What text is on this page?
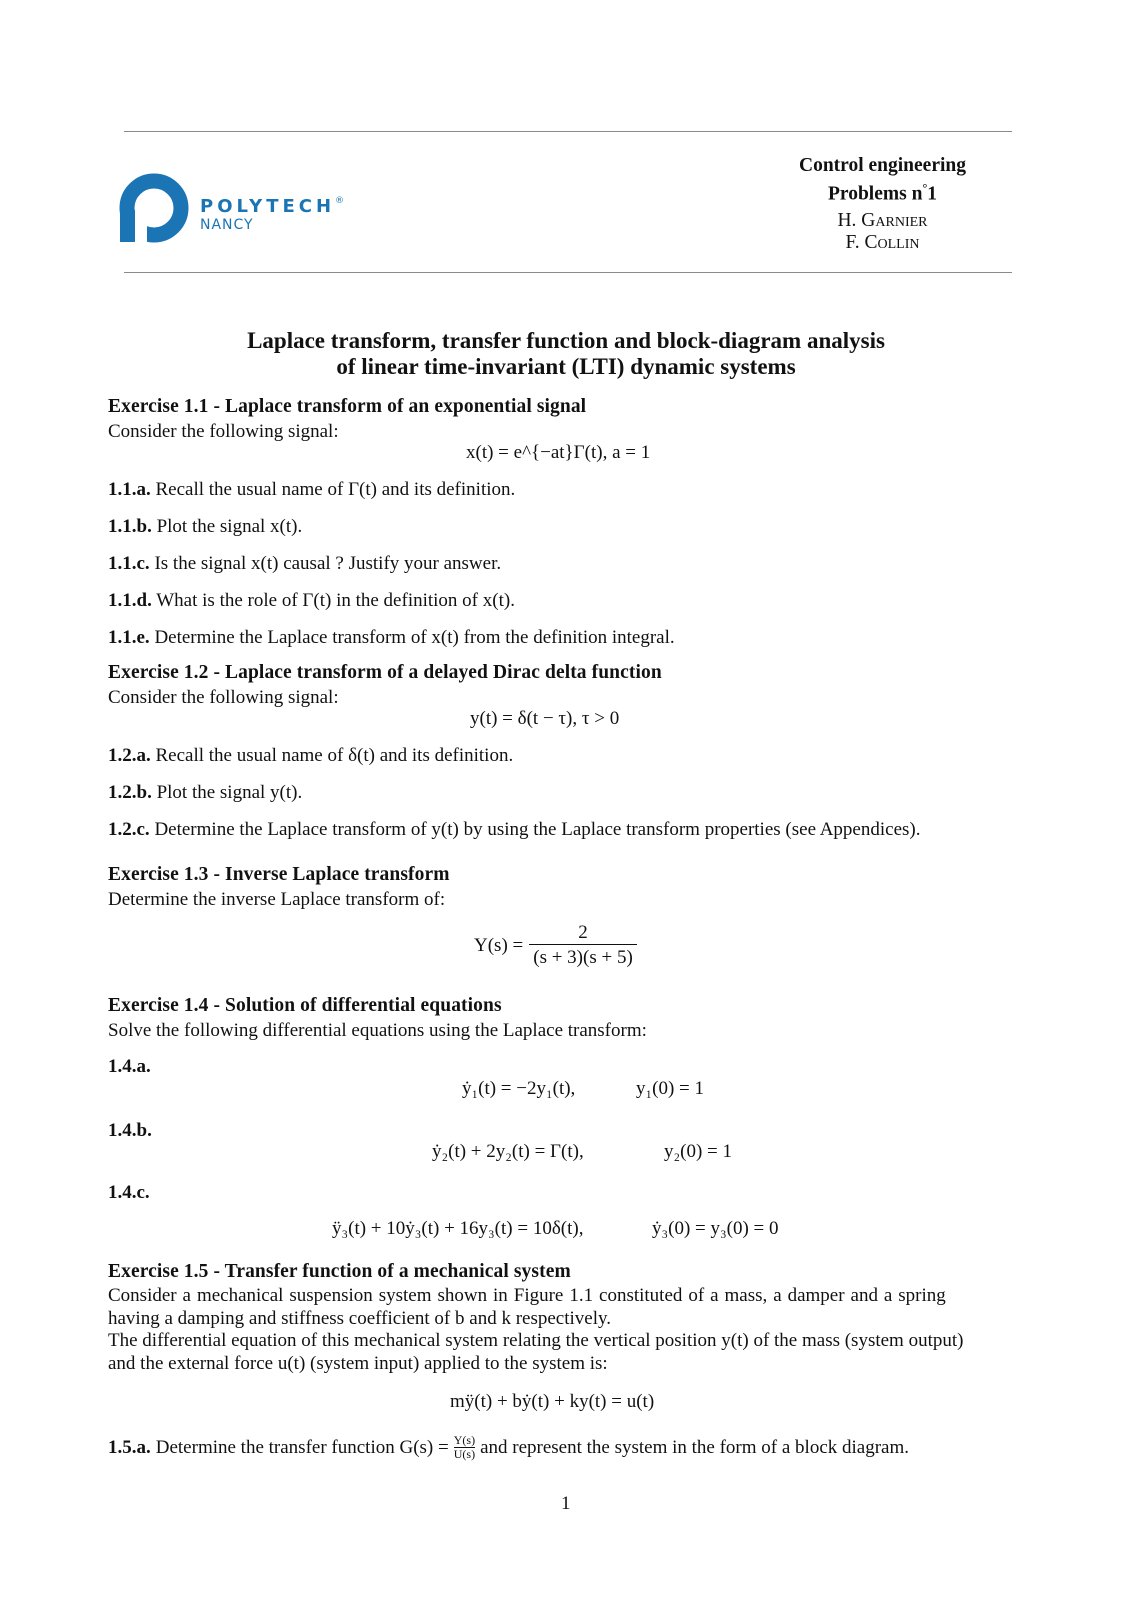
POLYTECH®
NANCY
Control engineering
Problems n°1
H. Garnier
F. Collin
Laplace transform, transfer function and block-diagram analysis
of linear time-invariant (LTI) dynamic systems
Exercise 1.1 - Laplace transform of an exponential signal
Consider the following signal:
x(t) = e^{−at}Γ(t), a = 1
1.1.a. Recall the usual name of Γ(t) and its definition.
1.1.b. Plot the signal x(t).
1.1.c. Is the signal x(t) causal ? Justify your answer.
1.1.d. What is the role of Γ(t) in the definition of x(t).
1.1.e. Determine the Laplace transform of x(t) from the definition integral.
Exercise 1.2 - Laplace transform of a delayed Dirac delta function
Consider the following signal:
y(t) = δ(t − τ), τ > 0
1.2.a. Recall the usual name of δ(t) and its definition.
1.2.b. Plot the signal y(t).
1.2.c. Determine the Laplace transform of y(t) by using the Laplace transform properties (see Appendices).
Exercise 1.3 - Inverse Laplace transform
Determine the inverse Laplace transform of:
$Y(s) = \frac{2}{(s + 3)(s + 5)}$
Exercise 1.4 - Solution of differential equations
Solve the following differential equations using the Laplace transform:
1.4.a.
ẏ₁(t) = −2y₁(t),	y₁(0) = 1
1.4.b.
ẏ₂(t) + 2y₂(t) = Γ(t),	y₂(0) = 1
1.4.c.
ÿ₃(t) + 10ẏ₃(t) + 16y₃(t) = 10δ(t),	ẏ₃(0) = y₃(0) = 0
Exercise 1.5 - Transfer function of a mechanical system
Consider a mechanical suspension system shown in Figure 1.1 constituted of a mass, a damper and a spring
having a damping and stiffness coefficient of b and k respectively.
The differential equation of this mechanical system relating the vertical position y(t) of the mass (system output)
and the external force u(t) (system input) applied to the system is:
mÿ(t) + bẏ(t) + ky(t) = u(t)
1.5.a. Determine the transfer function $G(s) = \frac{Y(s)}{U(s)}$ and represent the system in the form of a block diagram.
1
